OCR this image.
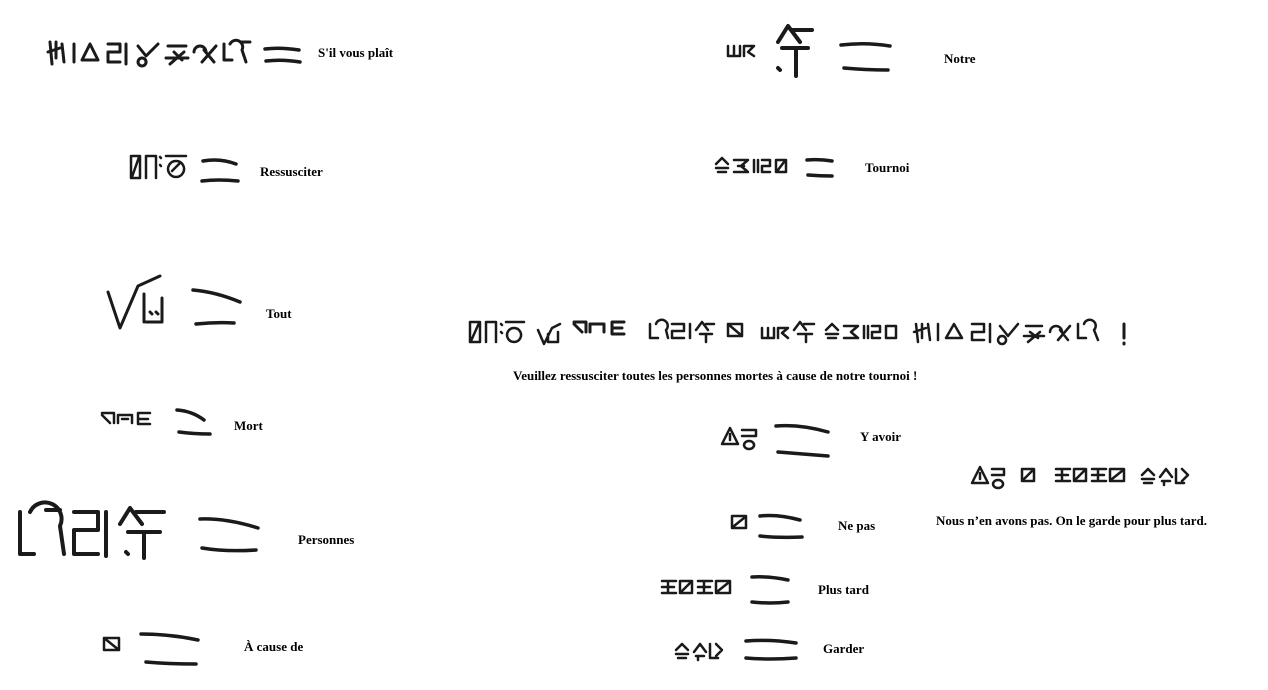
S'il vous plaît
Ressusciter
Tout
Mort
Personnes
À cause de
Notre
Tournoi
Veuillez ressusciter toutes les personnes mortes à cause de notre tournoi !
Y avoir
Nous n’en avons pas. On le garde pour plus tard.
Ne pas
Plus tard
Garder
